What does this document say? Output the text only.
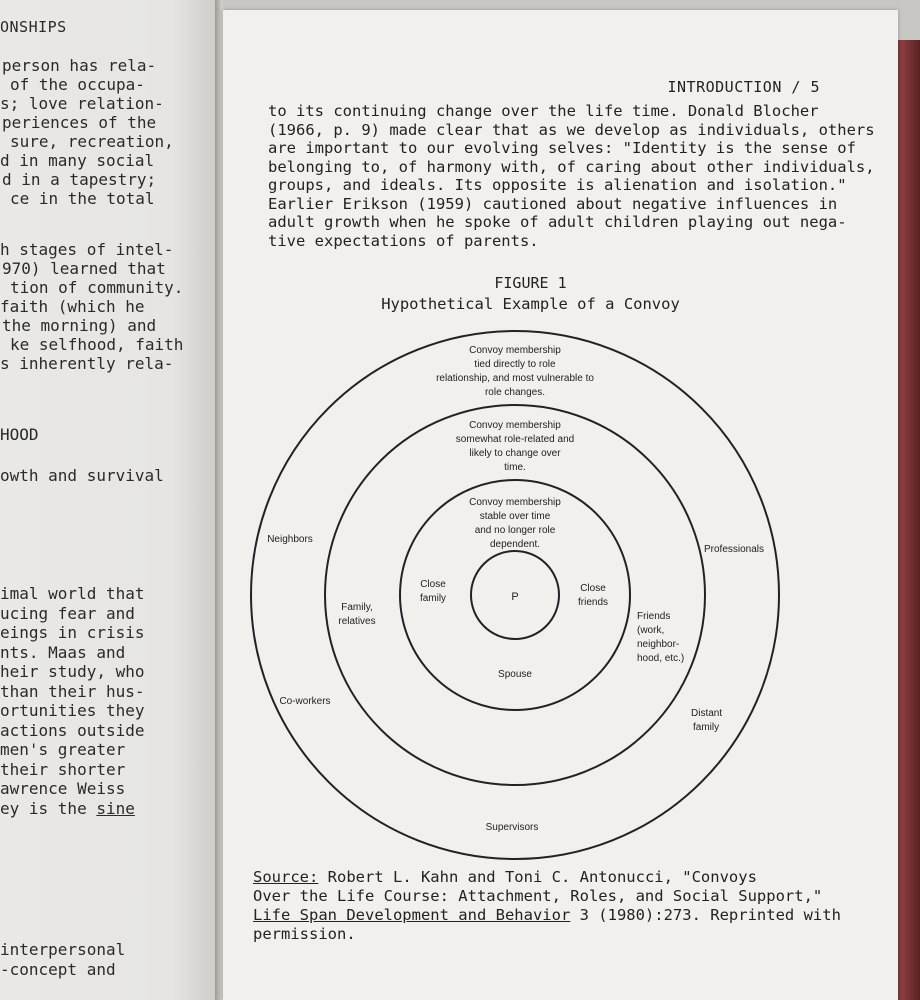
ONSHIPS
person has rela-
of the occupa-
s; love relation-
periences of the
sure, recreation,
d in many social
d in a tapestry;
ce in the total
h stages of intel-
970) learned that
tion of community.
faith (which he
the morning) and
ke selfhood, faith
s inherently rela-
HOOD
owth and survival
imal world that
ucing fear and
eings in crisis
nts. Maas and
heir study, who
than their hus-
ortunities they
actions outside
men's greater
their shorter
awrence Weiss
ey is the sine
interpersonal
-concept and
INTRODUCTION / 5

to its continuing change over the life time. Donald Blocher

(1966, p. 9) made clear that as we develop as individuals, others

are important to our evolving selves: "Identity is the sense of

belonging to, of harmony with, of caring about other individuals,

groups, and ideals. Its opposite is alienation and isolation."

Earlier Erikson (1959) cautioned about negative influences in

adult growth when he spoke of adult children playing out nega-

tive expectations of parents.

FIGURE 1
Hypothetical Example of a Convoy
P
Convoy membership
tied directly to role
relationship, and most vulnerable to
role changes.
Convoy membership
somewhat role-related and
likely to change over
time.
Convoy membership
stable over time
and no longer role
dependent.
Close
family
Close
friends
Spouse
Family,
relatives
Neighbors
Co-workers
Supervisors
Friends
(work,
neighbor-
hood, etc.)
Professionals
Distant
family

Source: Robert L. Kahn and Toni C. Antonucci, "Convoys

Over the Life Course: Attachment, Roles, and Social Support,"

Life Span Development and Behavior 3 (1980):273. Reprinted with

permission.
